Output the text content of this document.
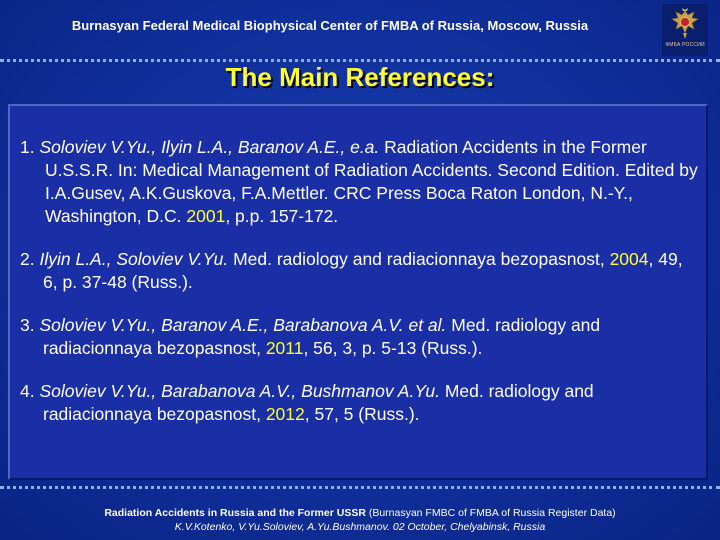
Burnasyan Federal Medical Biophysical Center of FMBA of Russia, Moscow, Russia
ФМБА РОССИИ
The Main References:

1. Soloviev V.Yu., Ilyin L.A., Baranov A.E., e.a. Radiation Accidents in the Former U.S.S.R. In: Medical Management of Radiation Accidents. Second Edition. Edited by I.A.Gusev, A.K.Guskova, F.A.Mettler. CRC Press Boca Raton London, N.-Y., Washington, D.C. 2001, p.p. 157-172.

2. Ilyin L.A., Soloviev V.Yu. Med. radiology and radiacionnaya bezopasnost, 2004, 49, 6, p. 37-48 (Russ.).

3. Soloviev V.Yu., Baranov A.E., Barabanova A.V. et al. Med. radiology and radiacionnaya bezopasnost, 2011, 56, 3, p. 5-13 (Russ.).

4. Soloviev V.Yu., Barabanova A.V., Bushmanov A.Yu. Med. radiology and radiacionnaya bezopasnost, 2012, 57, 5 (Russ.).

Radiation Accidents in Russia and the Former USSR (Burnasyan FMBC of FMBA of Russia Register Data)
K.V.Kotenko, V.Yu.Soloviev, A.Yu.Bushmanov. 02 October, Chelyabinsk, Russia
